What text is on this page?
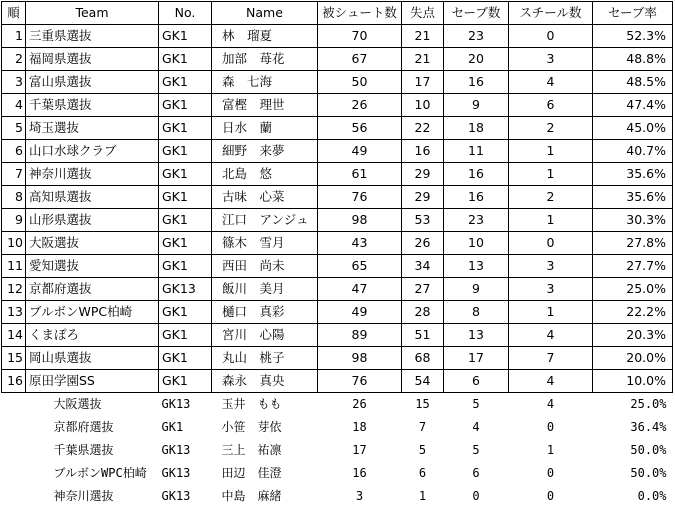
順	Team	No.	Name	被シュート数	失点	セーブ数	スチール数	セーブ率
1	三重県選抜	GK1	林　瑠夏	70	21	23	0	52.3%
2	福岡県選抜	GK1	加部　苺花	67	21	20	3	48.8%
3	富山県選抜	GK1	森　七海	50	17	16	4	48.5%
4	千葉県選抜	GK1	富樫　理世	26	10	9	6	47.4%
5	埼玉選抜	GK1	日水　蘭	56	22	18	2	45.0%
6	山口水球クラブ	GK1	細野　来夢	49	16	11	1	40.7%
7	神奈川選抜	GK1	北島　悠	61	29	16	1	35.6%
8	高知県選抜	GK1	古味　心菜	76	29	16	2	35.6%
9	山形県選抜	GK1	江口　アンジュ	98	53	23	1	30.3%
10	大阪選抜	GK1	篠木　雪月	43	26	10	0	27.8%
11	愛知選抜	GK1	西田　尚未	65	34	13	3	27.7%
12	京都府選抜	GK13	飯川　美月	47	27	9	3	25.0%
13	ブルボンWPC柏崎	GK1	樋口　真彩	49	28	8	1	22.2%
14	くまぽろ	GK1	宮川　心陽	89	51	13	4	20.3%
15	岡山県選抜	GK1	丸山　桃子	98	68	17	7	20.0%
16	原田学園SS	GK1	森永　真央	76	54	6	4	10.0%
	大阪選抜	GK13	玉井　もも	26	15	5	4	25.0%
	京都府選抜	GK1	小笹　芽依	18	7	4	0	36.4%
	千葉県選抜	GK13	三上　祐凛	17	5	5	1	50.0%
	ブルボンWPC柏崎	GK13	田辺　佳澄	16	6	6	0	50.0%
	神奈川選抜	GK13	中島　麻緒	3	1	0	0	0.0%
